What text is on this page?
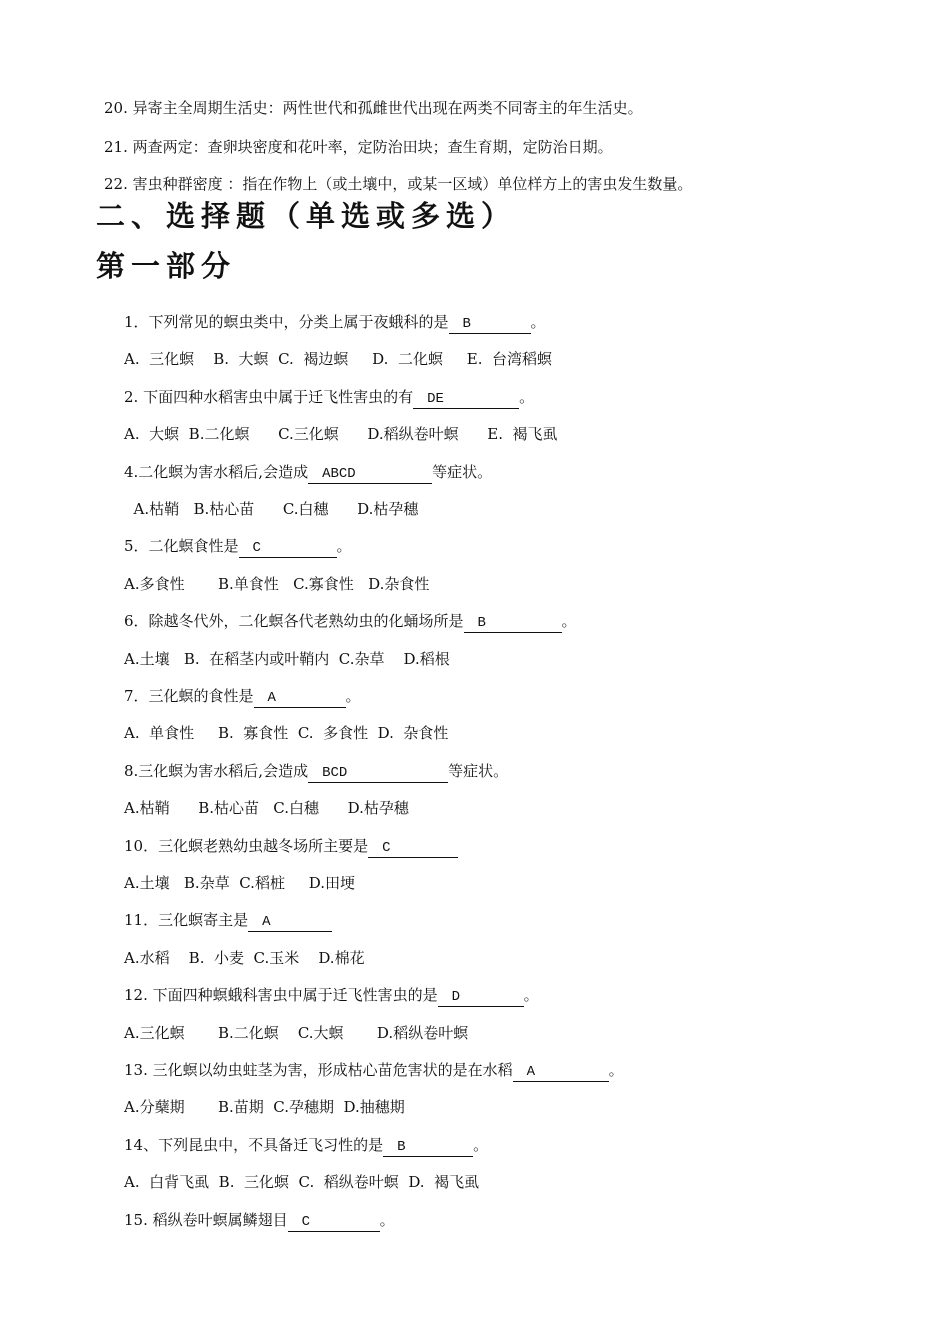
20. 异寄主全周期生活史：两性世代和孤雌世代出现在两类不同寄主的年生活史。
21. 两查两定：查卵块密度和花叶率，定防治田块；查生育期，定防治日期。
22. 害虫种群密度 ：指在作物上（或土壤中，或某一区域）单位样方上的害虫发生数量。
二、选择题（单选或多选）
第一部分
1．下列常见的螟虫类中，分类上属于夜蛾科的是 B	。
A.  三化螟    B.  大螟  C.  褐边螟     D.  二化螟     E.  台湾稻螟
2. 下面四种水稻害虫中属于迁飞性害虫的有 DE	。
A.  大螟  B.二化螟      C.三化螟      D.稻纵卷叶螟      E.  褐飞虱
4.二化螟为害水稻后,会造成 ABCD	等症状。
A.枯鞘   B.枯心苗      C.白穗      D.枯孕穗
5．二化螟食性是 C	。
A.多食性       B.单食性   C.寡食性   D.杂食性
6．除越冬代外，二化螟各代老熟幼虫的化蛹场所是 B	。
A.土壤   B.  在稻茎内或叶鞘内  C.杂草    D.稻根
7．三化螟的食性是 A	。
A.  单食性     B.  寡食性  C.  多食性  D.  杂食性
8.三化螟为害水稻后,会造成 BCD	等症状。
A.枯鞘      B.枯心苗   C.白穗      D.枯孕穗
10．三化螟老熟幼虫越冬场所主要是 C
A.土壤   B.杂草  C.稻桩     D.田埂
11．三化螟寄主是 A
A.水稻    B.  小麦  C.玉米    D.棉花
12. 下面四种螟蛾科害虫中属于迁飞性害虫的是 D	。
A.三化螟       B.二化螟    C.大螟       D.稻纵卷叶螟
13. 三化螟以幼虫蛀茎为害，形成枯心苗危害状的是在水稻 A	。
A.分蘖期       B.苗期  C.孕穗期  D.抽穗期
14、下列昆虫中，不具备迁飞习性的是 B	。
A.  白背飞虱  B.  三化螟  C.  稻纵卷叶螟  D.  褐飞虱
15. 稻纵卷叶螟属鳞翅目 C	。
